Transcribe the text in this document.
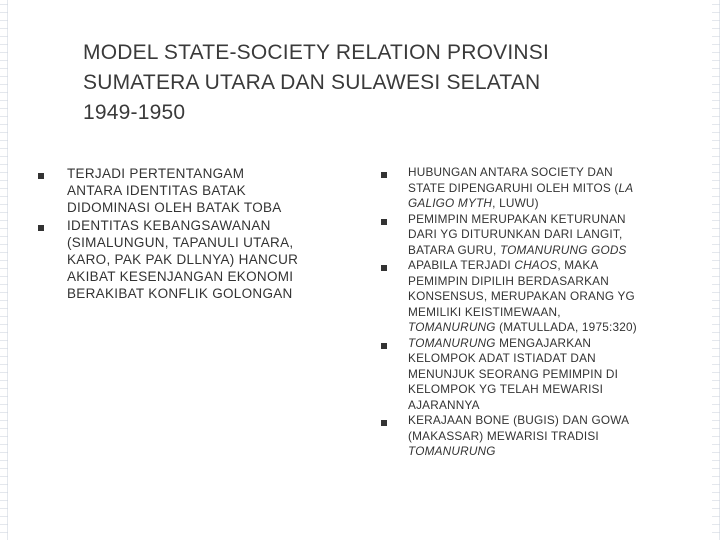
MODEL STATE-SOCIETY RELATION PROVINSI
SUMATERA UTARA DAN SULAWESI SELATAN
1949-1950
TERJADI PERTENTANGAM
ANTARA IDENTITAS BATAK
DIDOMINASI OLEH BATAK TOBA
IDENTITAS KEBANGSAWANAN
(SIMALUNGUN, TAPANULI UTARA,
KARO, PAK PAK DLLNYA) HANCUR
AKIBAT KESENJANGAN EKONOMI
BERAKIBAT KONFLIK GOLONGAN
HUBUNGAN ANTARA SOCIETY DAN
STATE DIPENGARUHI OLEH MITOS (LA
GALIGO MYTH, LUWU)
PEMIMPIN MERUPAKAN KETURUNAN
DARI YG DITURUNKAN DARI LANGIT,
BATARA GURU, TOMANURUNG GODS
APABILA TERJADI CHAOS, MAKA
PEMIMPIN DIPILIH BERDASARKAN
KONSENSUS, MERUPAKAN ORANG YG
MEMILIKI KEISTIMEWAAN,
TOMANURUNG (MATULLADA, 1975:320)
TOMANURUNG MENGAJARKAN
KELOMPOK ADAT ISTIADAT DAN
MENUNJUK SEORANG PEMIMPIN DI
KELOMPOK YG TELAH MEWARISI
AJARANNYA
KERAJAAN BONE (BUGIS) DAN GOWA
(MAKASSAR) MEWARISI TRADISI
TOMANURUNG
